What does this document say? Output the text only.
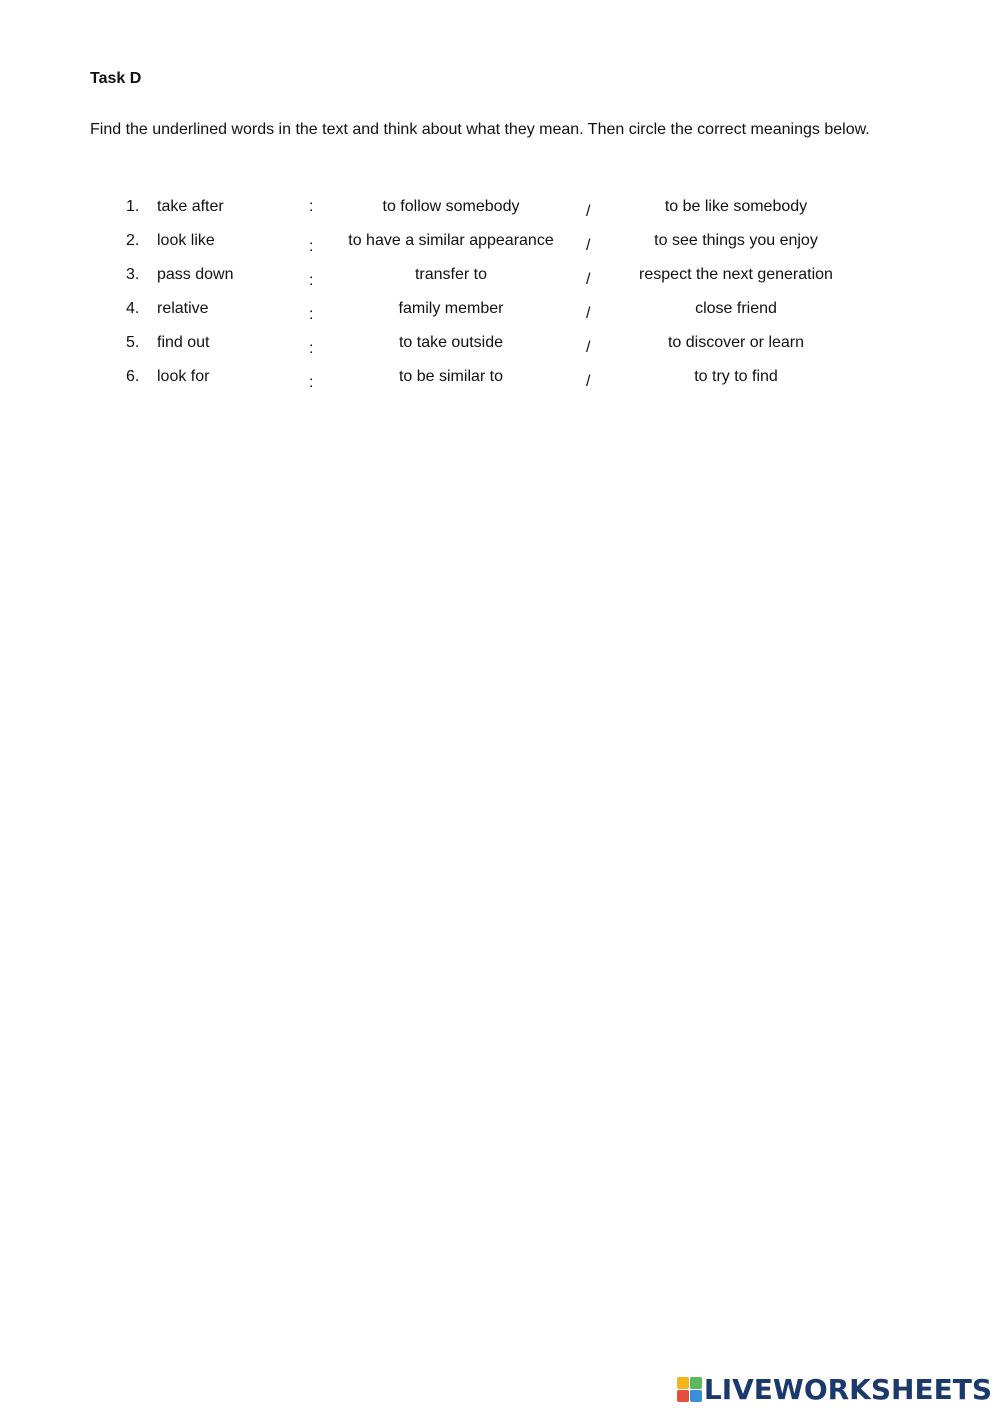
Task D
Find the underlined words in the text and think about what they mean. Then circle the correct meanings below.
1. take after	:	to follow somebody	/	to be like somebody
2. look like	:	to have a similar appearance	/	to see things you enjoy
3. pass down	:	transfer to	/	respect the next generation
4. relative	:	family member	/	close friend
5. find out	:	to take outside	/	to discover or learn
6. look for	:	to be similar to	/	to try to find
LIVEWORKSHEETS
